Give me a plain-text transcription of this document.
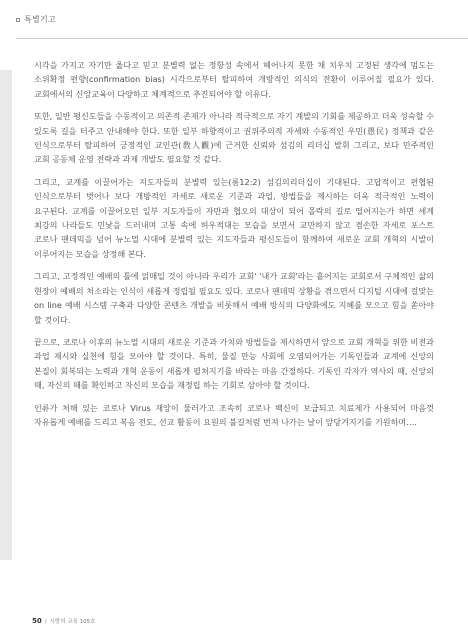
특별기고

시각을 가지고 자기만 옳다고 믿고 분별력 없는 정항성 속에서 헤어나지 못한 채 치우치 고정된 생각에 멈도는 소위확정 편향(confirmation bias) 시각으로부터 탈피하여 개방적인 의식의 전환이 이루어질 필요가 있다. 교회에서의 신앙교육이 다양하고 체계적으로 추진되어야 할 이유다.

또한, 일반 평신도들을 수동적이고 의존적 존재가 아니라 적극적으로 자기 계발의 기회를 제공하고 더욱 성숙할 수 있도록 길을 터주고 안내해야 한다. 또한 일부 하향적이고 권위주의적 자세와 수동적인 우민(愚民) 정책과 같은 인식으로부터 탈피하여 긍정적인 교인관(敎人觀)에 근거한 신뢰와 섬김의 리더십 발휘 그리고, 보다 민주적인 교회 공동체 운영 전략과 과제 개발도 필요할 것 같다.

그리고, 교계를 이끌어가는 지도자들의 분별력 있는(롬12:2) 섬김의리더십이 기대된다. 고답적이고 편협된 인식으로부터 벗어나 보다 개방적인 자세로 새로운 기준과 과업, 방법들을 제시하는 더욱 적극적인 노력이 요구된다. 교계를 이끌어오던 일부 지도자들이 자만과 협오의 대상이 되어 몰락의 길로 떨어지는가 하면 세계 최강의 나라들도 민낯을 드러내며 고통 속에 허우적대는 모습을 보면서 교만하지 않고 겸손한 자세로 포스트 코로나 팬데믹을 넘어 뉴노멀 시대에 분별력 있는 지도자들과 평신도들이 함께하여 새로운 교회 개혁의 시발이 이루어지는 모습을 상정해 본다.

그리고, 고정적인 예배의 틀에 얽매일 것이 아니라 우리가 교회' '내가 교회'라는 흩어지는 교회로서 구체적인 삶의 현장이 예배의 처소라는 인식이 새롭게 정립될 필요도 있다. 코로나 팬데믹 상황을 겪으면서 디지털 시대에 걸맞는 on line 예배 시스템 구축과 다양한 콘텐츠 개발을 비롯해서 예배 방식의 다양화에도 지혜를 모으고 힘을 쏟아야 할 것이다.

끝으로, 코로나 이후의 뉴노멀 시대의 새로운 기준과 가치와 방법들을 제시하면서 앞으로 교회 개혁을 위한 비전과 과업 제시와 실천에 힘을 모아야 할 것이다. 특히, 물질 만능 사회에 오염되어가는 기독인들과 교계에 신앙의 본질이 회복되는 노력과 개혁 운동이 새롭게 펼쳐지기를 바라는 마음 간절하다. 기독인 각자가 역사의 때, 신앙의 때, 자신의 때를 확인하고 자신의 모습을 재정립 하는 기회로 삼아야 할 것이다.

인류가 처해 있는 코로나 Virus 재앙이 물러가고 조속히 코로나 백신이 보급되고 치료제가 사용되어 마음껏 자유롭게 예배를 드리고 복음 전도, 선교 활동이 요원의 불길처럼 번져 나가는 날이 앞당겨지기를 기원하며….

50 / 시랑의 교육 105호
